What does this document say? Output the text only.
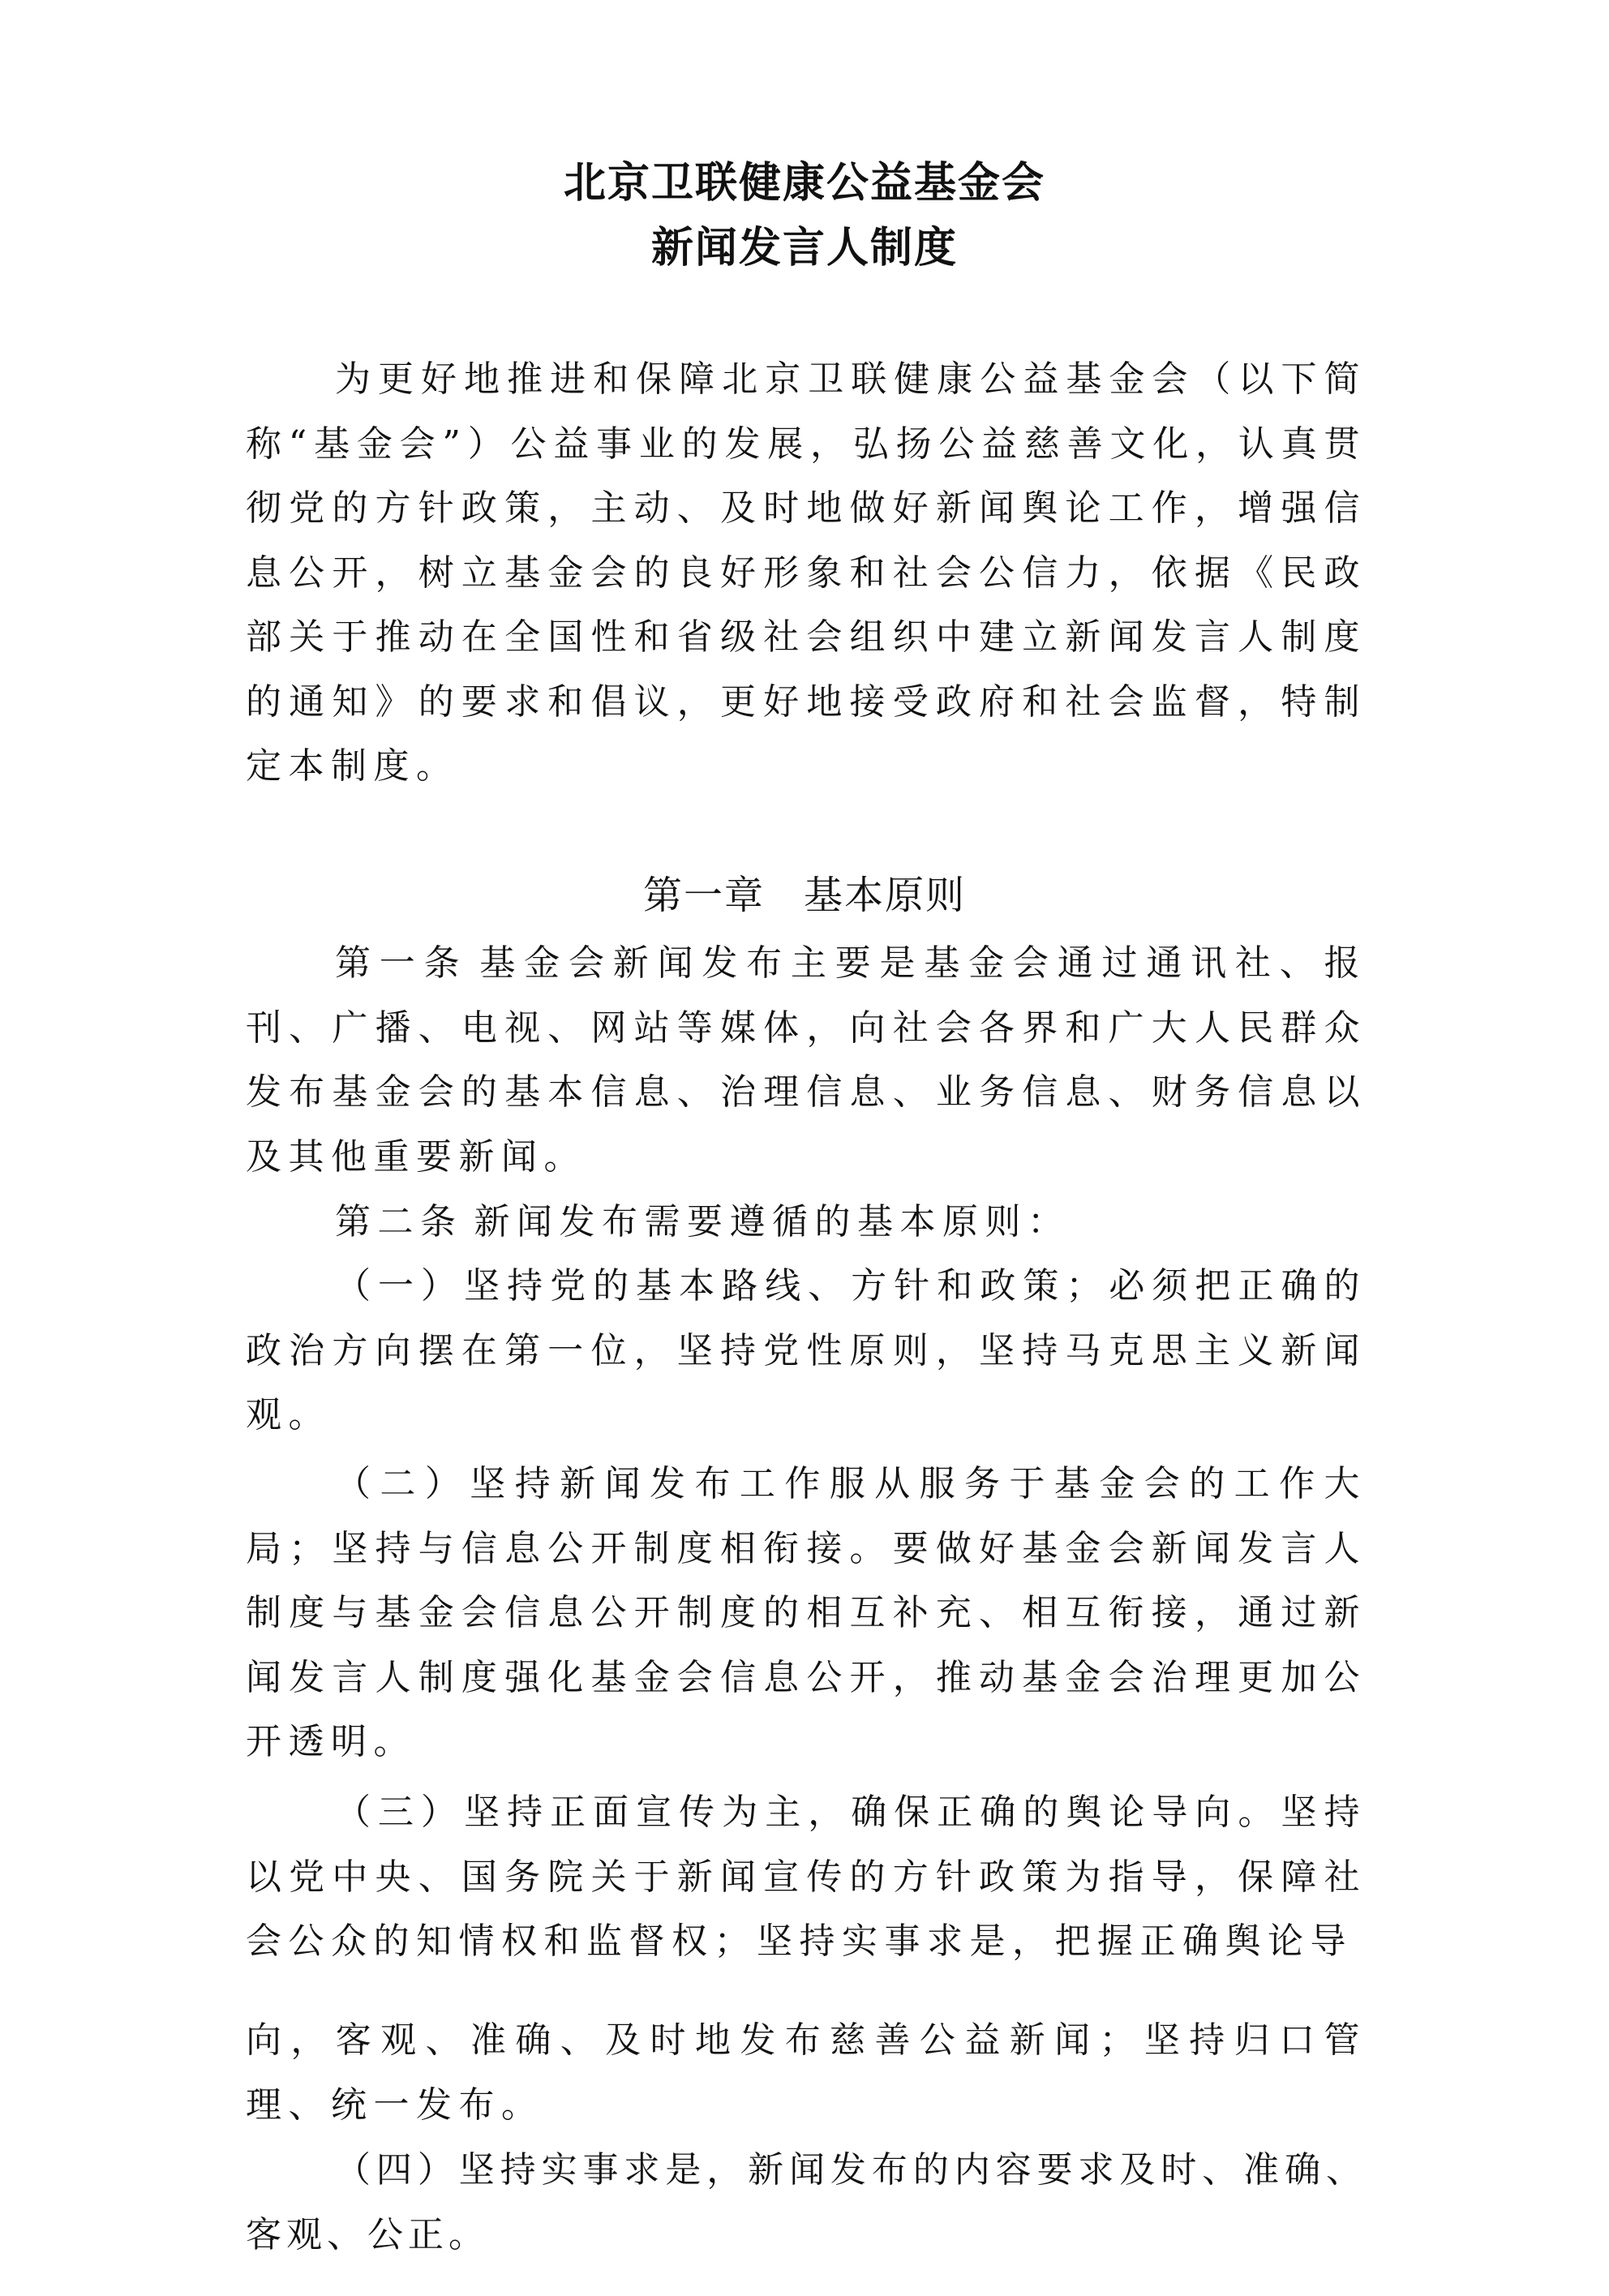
北京卫联健康公益基金会
新闻发言人制度

为更好地推进和保障北京卫联健康公益基金会（以下简称“基金会”）公益事业的发展，弘扬公益慈善文化，认真贯彻党的方针政策，主动、及时地做好新闻舆论工作，增强信息公开，树立基金会的良好形象和社会公信力，依据《民政部关于推动在全国性和省级社会组织中建立新闻发言人制度的通知》的要求和倡议，更好地接受政府和社会监督，特制定本制度。

第一章 基本原则

第一条 基金会新闻发布主要是基金会通过通讯社、报刊、广播、电视、网站等媒体，向社会各界和广大人民群众发布基金会的基本信息、治理信息、业务信息、财务信息以及其他重要新闻。

第二条 新闻发布需要遵循的基本原则：

（一）坚持党的基本路线、方针和政策；必须把正确的政治方向摆在第一位，坚持党性原则，坚持马克思主义新闻观。

（二）坚持新闻发布工作服从服务于基金会的工作大局；坚持与信息公开制度相衔接。要做好基金会新闻发言人制度与基金会信息公开制度的相互补充、相互衔接，通过新闻发言人制度强化基金会信息公开，推动基金会治理更加公开透明。

（三）坚持正面宣传为主，确保正确的舆论导向。坚持以党中央、国务院关于新闻宣传的方针政策为指导，保障社会公众的知情权和监督权；坚持实事求是，把握正确舆论导

向，客观、准确、及时地发布慈善公益新闻；坚持归口管理、统一发布。

（四）坚持实事求是，新闻发布的内容要求及时、准确、客观、公正。
